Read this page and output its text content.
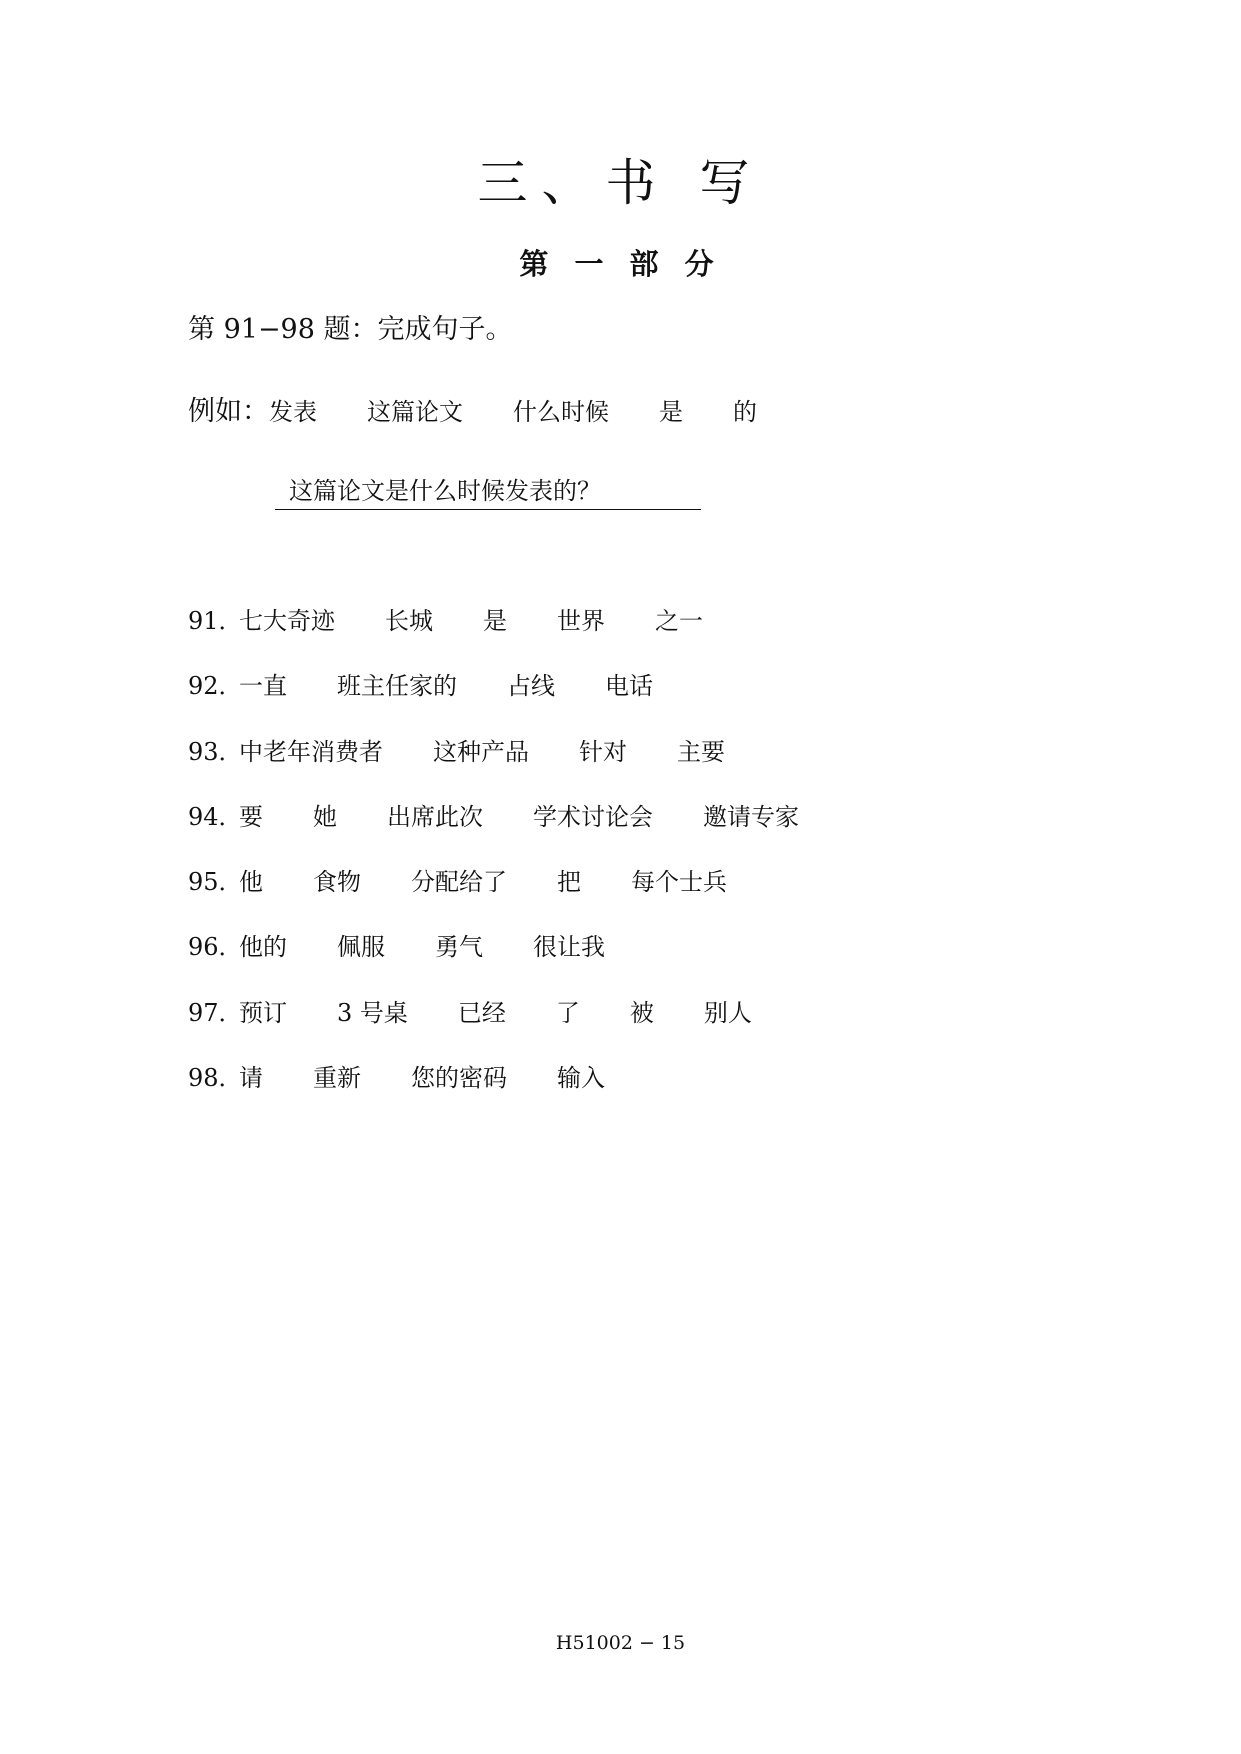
三、书 写
第 一 部 分

第 91−98 题：完成句子。

例如： 发表 这篇论文 什么时候 是 的
这篇论文是什么时候发表的？
91．
七大奇迹 长城 是 世界 之一
92．
一直 班主任家的 占线 电话
93．
中老年消费者 这种产品 针对 主要
94．
要 她 出席此次 学术讨论会 邀请专家
95．
他 食物 分配给了 把 每个士兵
96．
他的 佩服 勇气 很让我
97．
预订 3 号桌 已经 了 被 别人
98．
请 重新 您的密码 输入
H51002 − 15
